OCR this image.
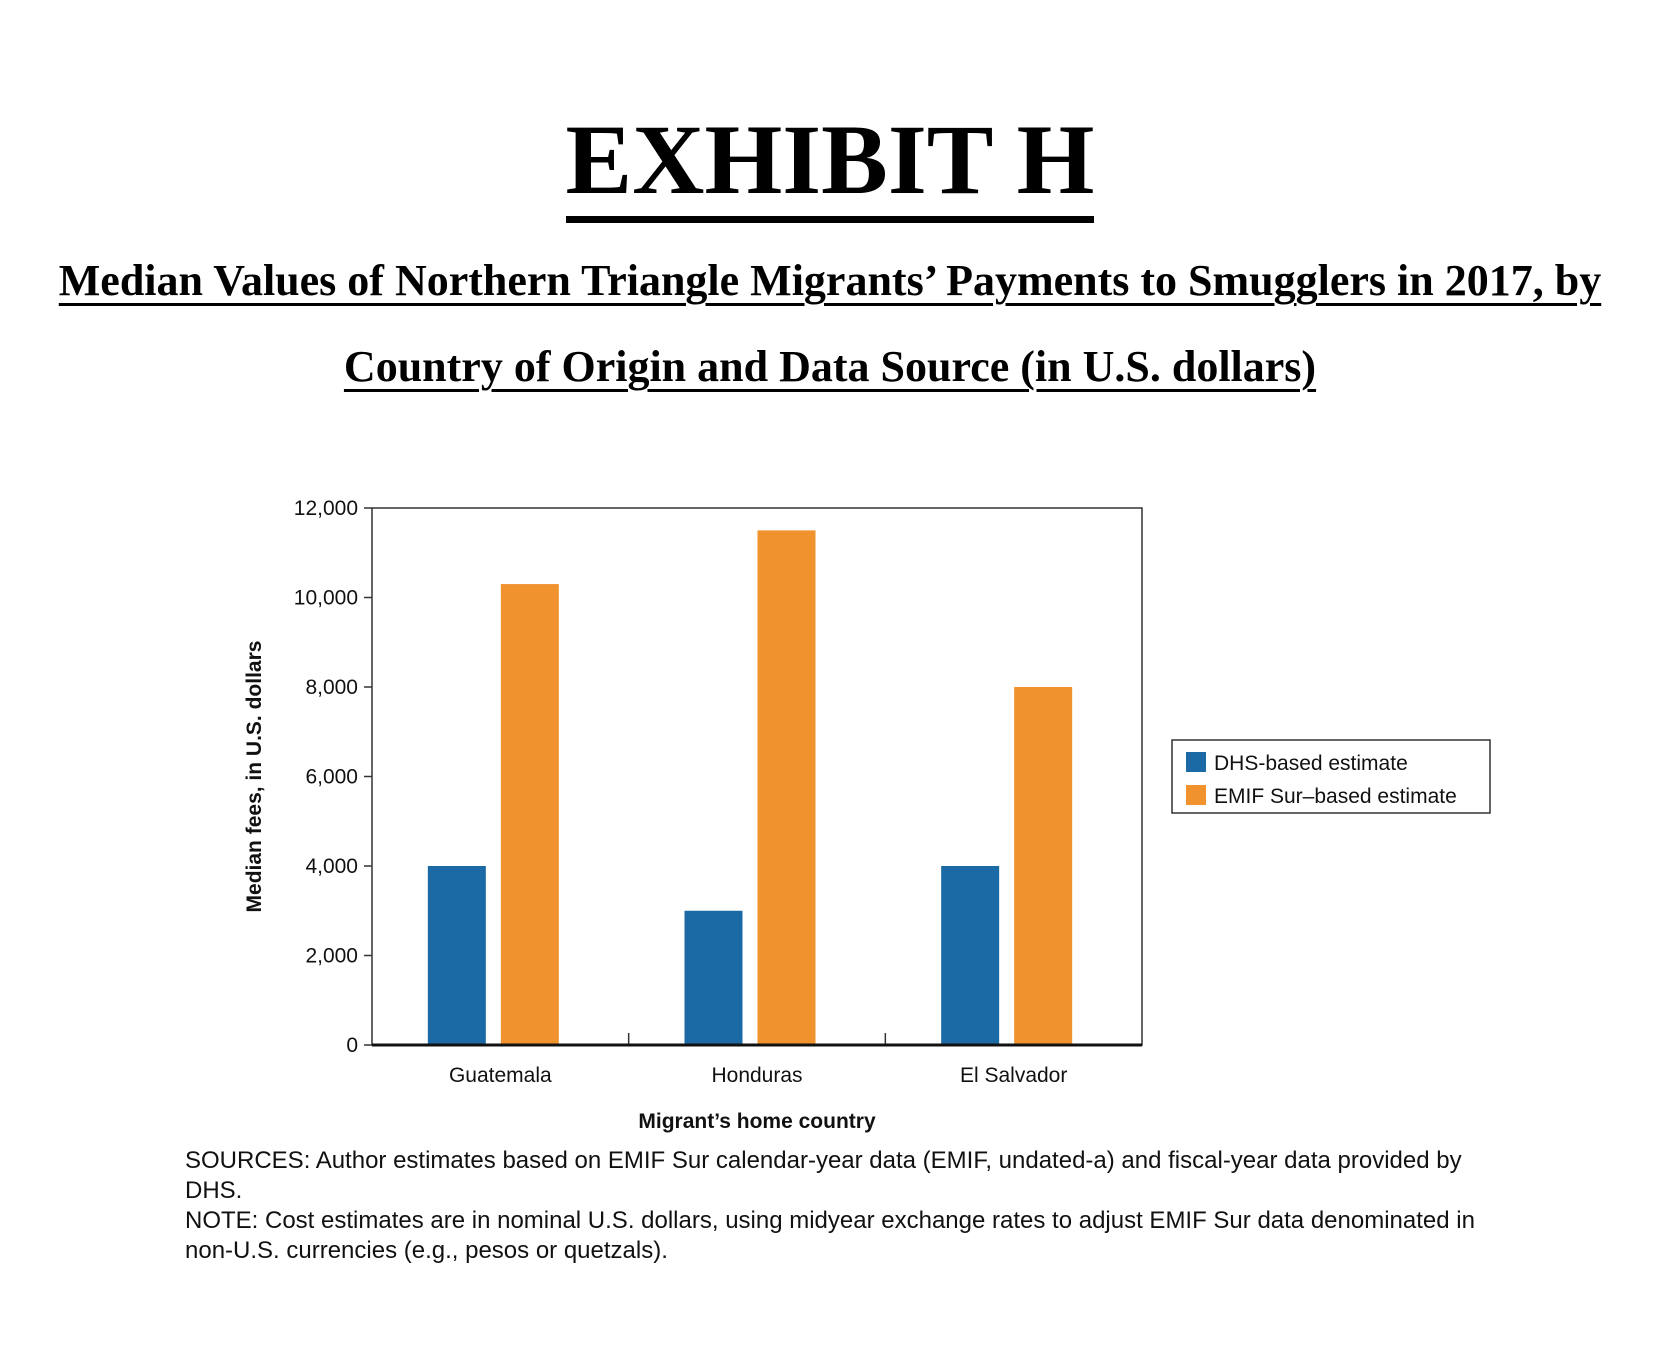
EXHIBIT H
Median Values of Northern Triangle Migrants’ Payments to Smugglers in 2017, by Country of Origin and Data Source (in U.S. dollars)
0
2,000
4,000
6,000
8,000
10,000
12,000
Median fees, in U.S. dollars
Guatemala	Honduras	El Salvador
Migrant’s home country
DHS-based estimate
EMIF Sur–based estimate

SOURCES: Author estimates based on EMIF Sur calendar-year data (EMIF, undated-a) and fiscal-year data provided by DHS.

NOTE: Cost estimates are in nominal U.S. dollars, using midyear exchange rates to adjust EMIF Sur data denominated in non-U.S. currencies (e.g., pesos or quetzals).
